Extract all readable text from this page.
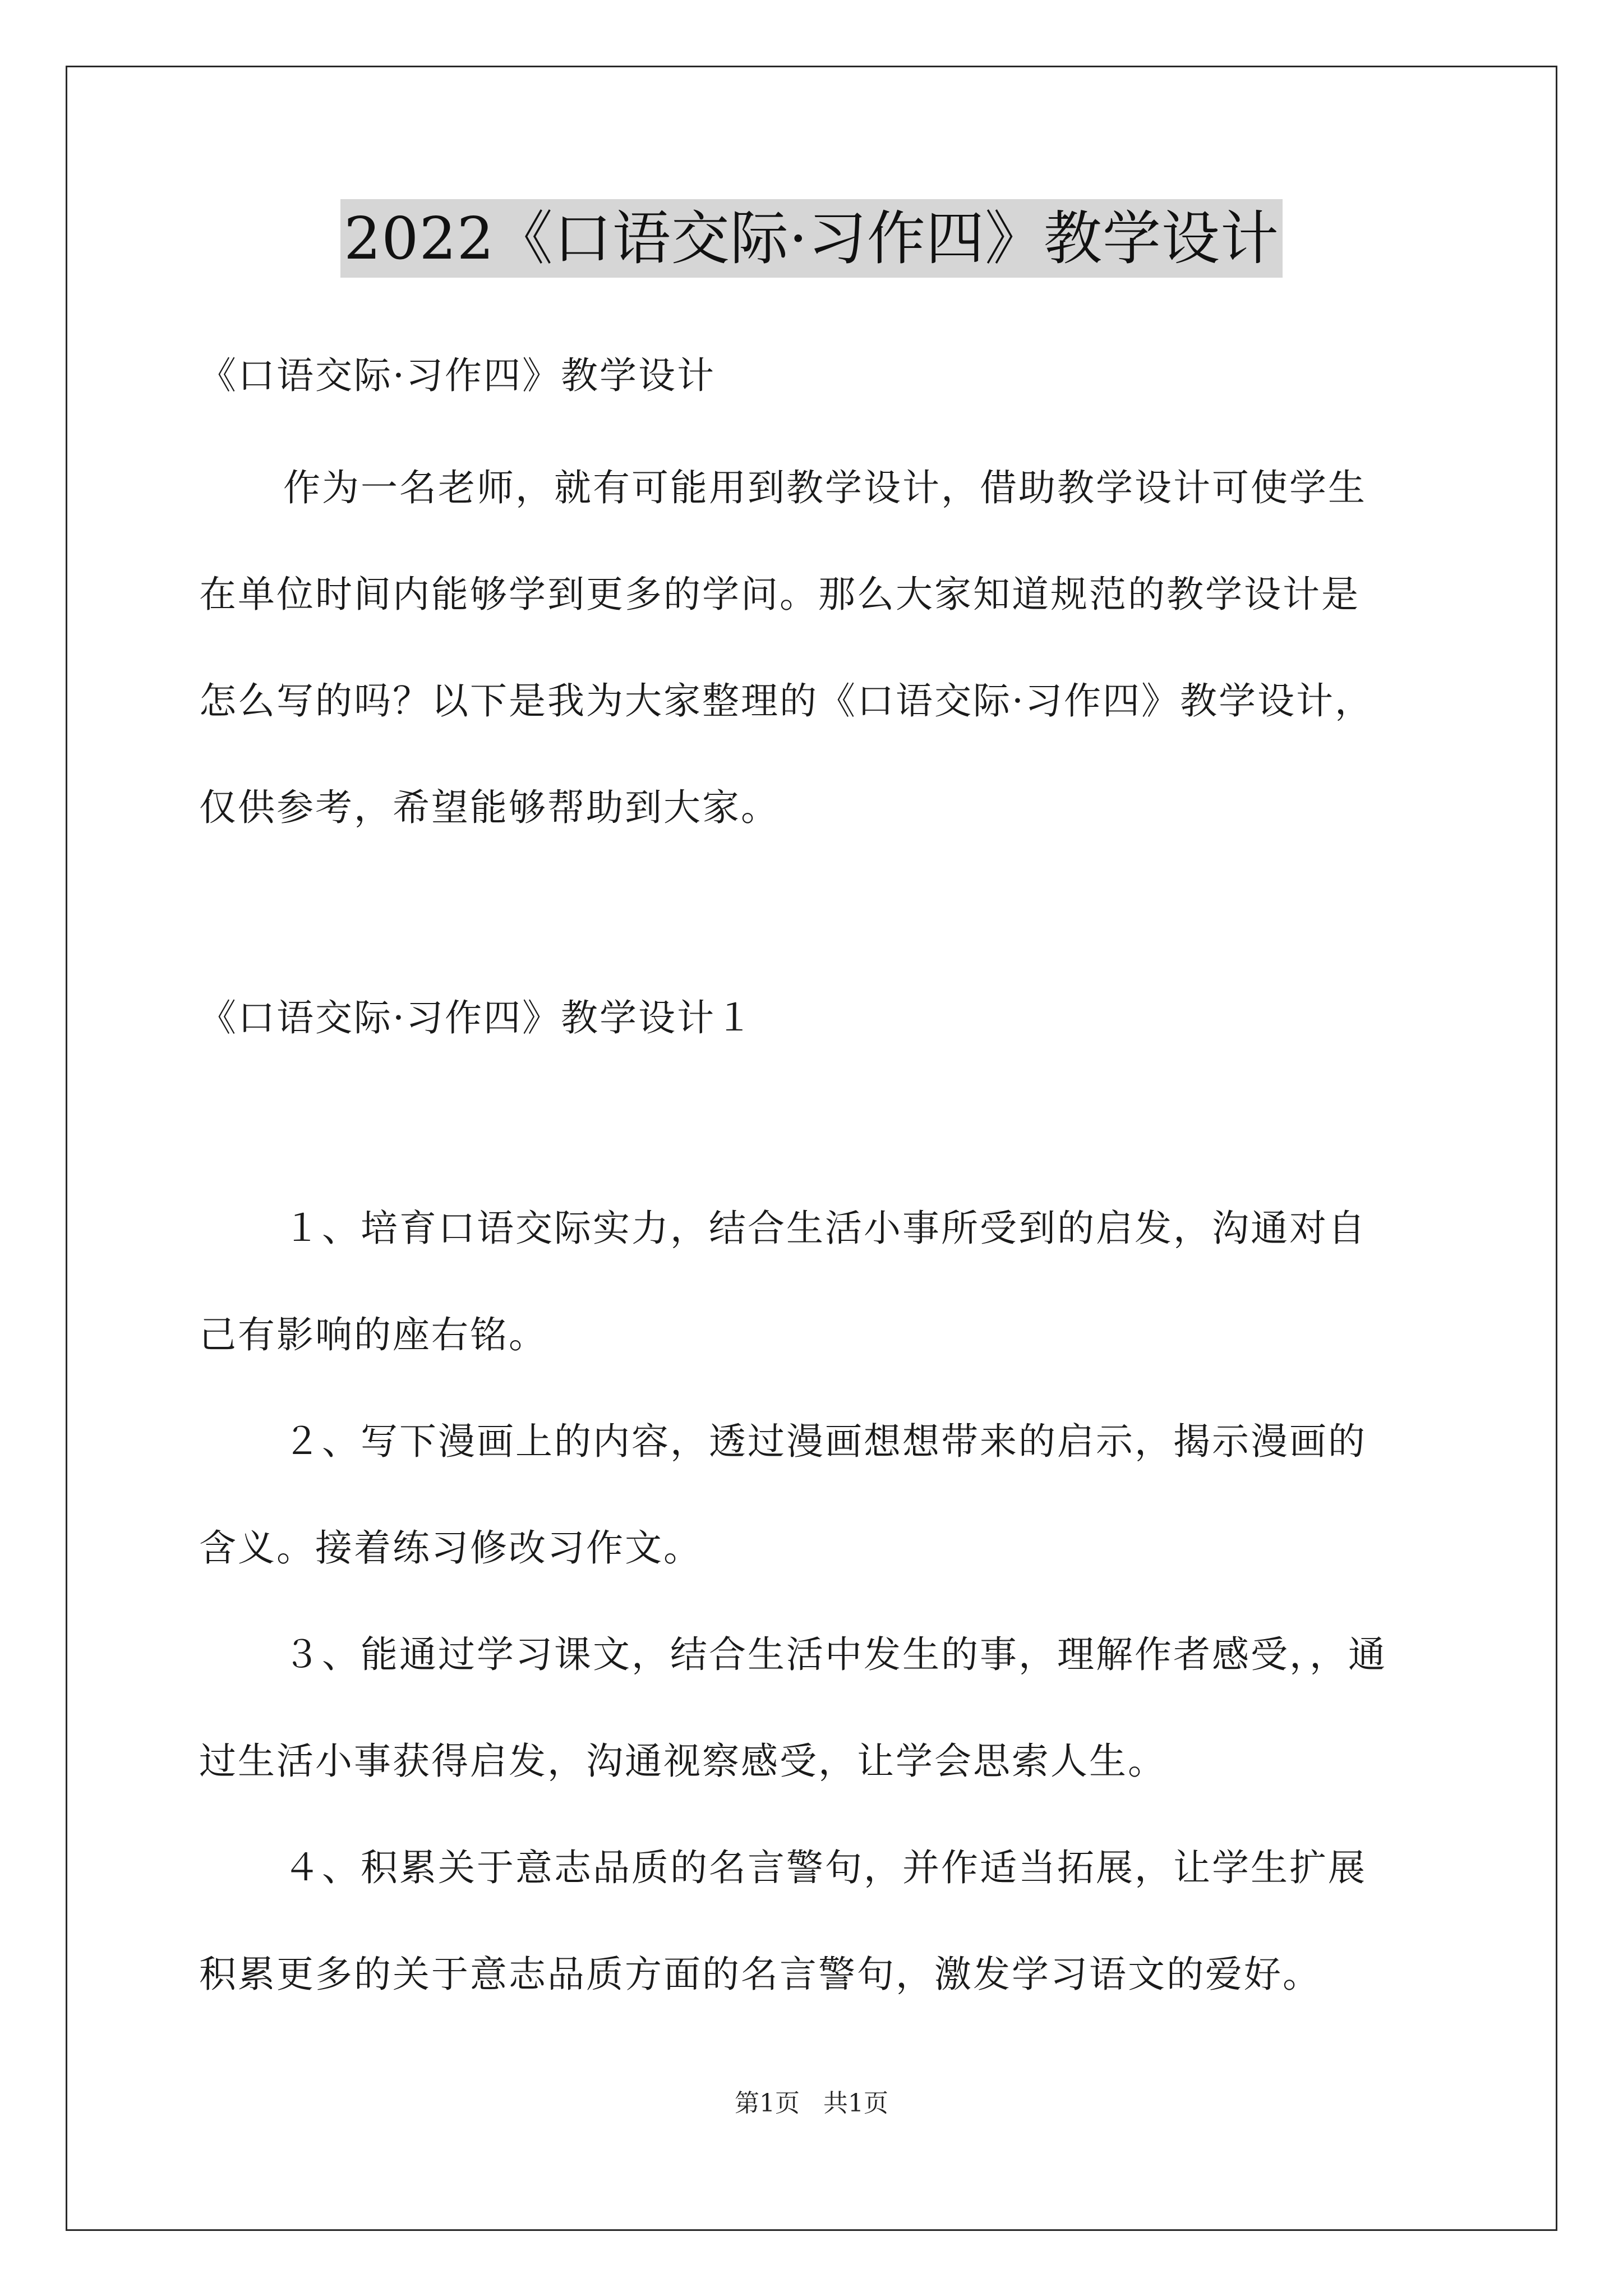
2022《口语交际·习作四》教学设计
《口语交际·习作四》教学设计
作为一名老师，就有可能用到教学设计，借助教学设计可使学生
在单位时间内能够学到更多的学问。那么大家知道规范的教学设计是
怎么写的吗？以下是我为大家整理的《口语交际·习作四》教学设计，
仅供参考，希望能够帮助到大家。
《口语交际·习作四》教学设计１
１、培育口语交际实力，结合生活小事所受到的启发，沟通对自
己有影响的座右铭。
２、写下漫画上的内容，透过漫画想想带来的启示，揭示漫画的
含义。接着练习修改习作文。
３、能通过学习课文，结合生活中发生的事，理解作者感受，，通
过生活小事获得启发，沟通视察感受，让学会思索人生。
４、积累关于意志品质的名言警句，并作适当拓展，让学生扩展
积累更多的关于意志品质方面的名言警句，激发学习语文的爱好。
第1页 共1页
